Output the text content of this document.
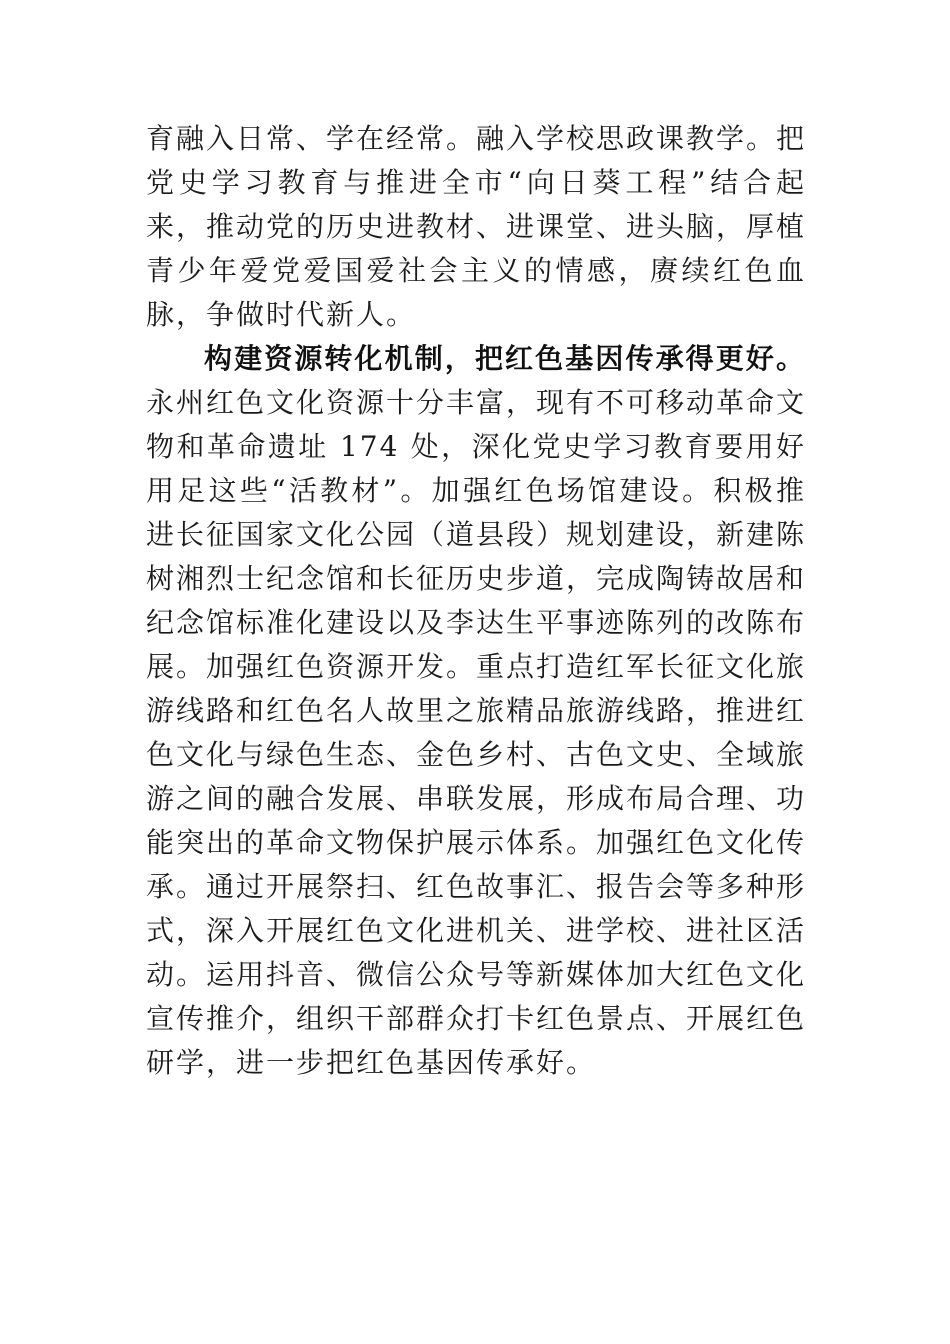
育融入日常、学在经常。融入学校思政课教学。把党史学习教育与推进全市“向日葵工程”结合起来，推动党的历史进教材、进课堂、进头脑，厚植青少年爱党爱国爱社会主义的情感，赓续红色血脉，争做时代新人。

构建资源转化机制，把红色基因传承得更好。永州红色文化资源十分丰富，现有不可移动革命文物和革命遗址 174 处，深化党史学习教育要用好用足这些“活教材”。加强红色场馆建设。积极推进长征国家文化公园（道县段）规划建设，新建陈树湘烈士纪念馆和长征历史步道，完成陶铸故居和纪念馆标准化建设以及李达生平事迹陈列的改陈布展。加强红色资源开发。重点打造红军长征文化旅游线路和红色名人故里之旅精品旅游线路，推进红色文化与绿色生态、金色乡村、古色文史、全域旅游之间的融合发展、串联发展，形成布局合理、功能突出的革命文物保护展示体系。加强红色文化传承。通过开展祭扫、红色故事汇、报告会等多种形式，深入开展红色文化进机关、进学校、进社区活动。运用抖音、微信公众号等新媒体加大红色文化宣传推介，组织干部群众打卡红色景点、开展红色研学，进一步把红色基因传承好。
